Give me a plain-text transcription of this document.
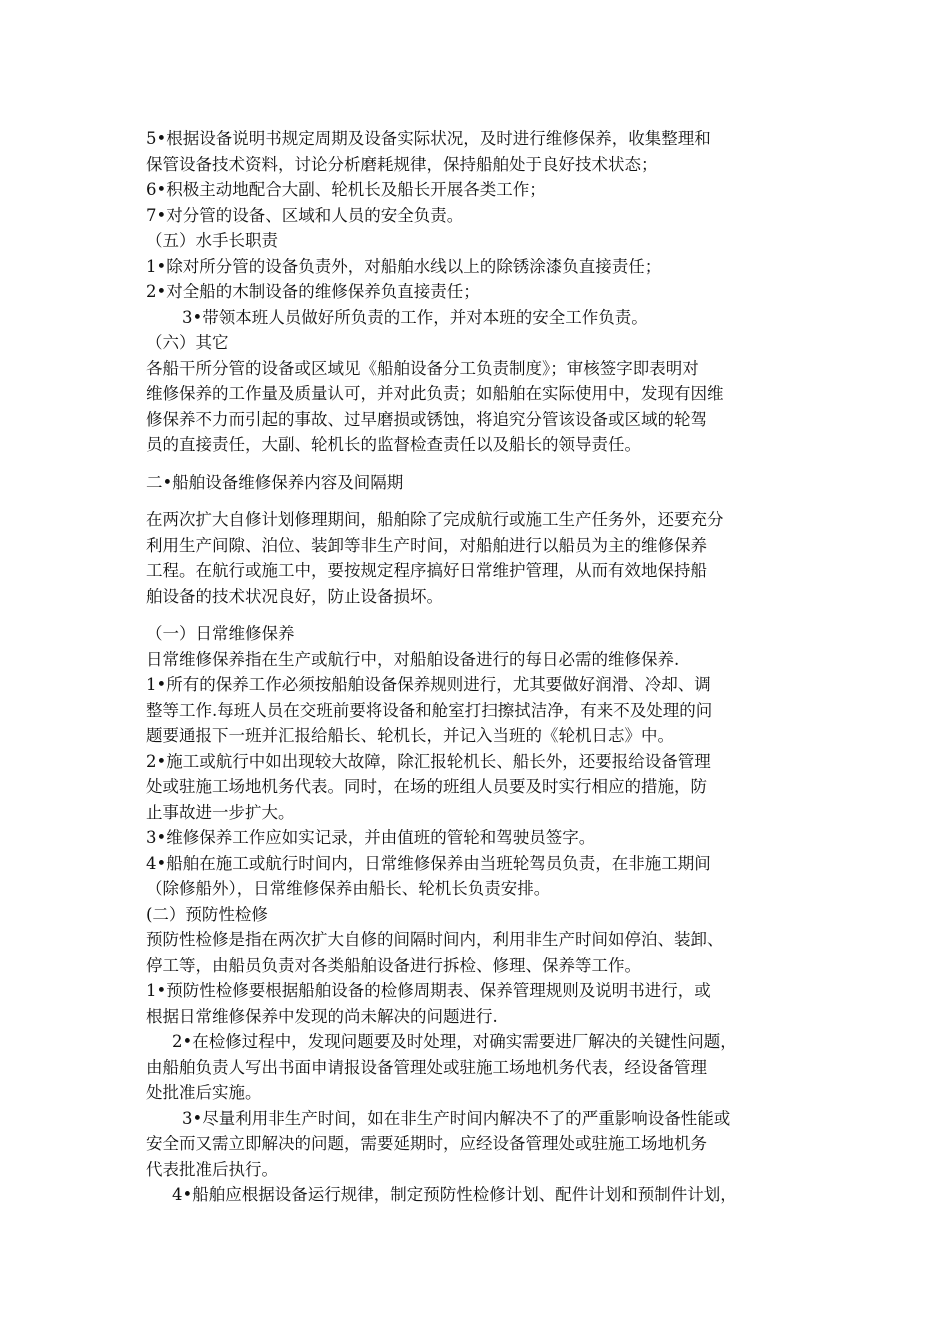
5•根据设备说明书规定周期及设备实际状况，及时进行维修保养，收集整理和
保管设备技术资料，讨论分析磨耗规律，保持船舶处于良好技术状态；
6•积极主动地配合大副、轮机长及船长开展各类工作；
7•对分管的设备、区域和人员的安全负责。
（五）水手长职责
1•除对所分管的设备负责外，对船舶水线以上的除锈涂漆负直接责任；
2•对全船的木制设备的维修保养负直接责任；
3•带领本班人员做好所负责的工作，并对本班的安全工作负责。
（六）其它
各船干所分管的设备或区域见《船舶设备分工负责制度》；审核签字即表明对
维修保养的工作量及质量认可，并对此负责；如船舶在实际使用中，发现有因维
修保养不力而引起的事故、过早磨损或锈蚀，将追究分管该设备或区域的轮驾
员的直接责任，大副、轮机长的监督检查责任以及船长的领导责任。
二•船舶设备维修保养内容及间隔期
在两次扩大自修计划修理期间，船舶除了完成航行或施工生产任务外，还要充分
利用生产间隙、泊位、装卸等非生产时间，对船舶进行以船员为主的维修保养
工程。在航行或施工中，要按规定程序搞好日常维护管理，从而有效地保持船
舶设备的技术状况良好，防止设备损坏。
（一）日常维修保养
日常维修保养指在生产或航行中，对船舶设备进行的每日必需的维修保养.
1•所有的保养工作必须按船舶设备保养规则进行，尤其要做好润滑、冷却、调
整等工作.每班人员在交班前要将设备和舱室打扫擦拭洁净，有来不及处理的问
题要通报下一班并汇报给船长、轮机长，并记入当班的《轮机日志》中。
2•施工或航行中如出现较大故障，除汇报轮机长、船长外，还要报给设备管理
处或驻施工场地机务代表。同时，在场的班组人员要及时实行相应的措施，防
止事故进一步扩大。
3•维修保养工作应如实记录，并由值班的管轮和驾驶员签字。
4•船舶在施工或航行时间内，日常维修保养由当班轮驾员负责，在非施工期间
（除修船外），日常维修保养由船长、轮机长负责安排。
(二）预防性检修
预防性检修是指在两次扩大自修的间隔时间内，利用非生产时间如停泊、装卸、
停工等，由船员负责对各类船舶设备进行拆检、修理、保养等工作。
1•预防性检修要根据船舶设备的检修周期表、保养管理规则及说明书进行，或
根据日常维修保养中发现的尚未解决的问题进行.
2•在检修过程中，发现问题要及时处理，对确实需要进厂解决的关键性问题，
由船舶负责人写出书面申请报设备管理处或驻施工场地机务代表，经设备管理
处批准后实施。
3•尽量利用非生产时间，如在非生产时间内解决不了的严重影响设备性能或
安全而又需立即解决的问题，需要延期时，应经设备管理处或驻施工场地机务
代表批准后执行。
4•船舶应根据设备运行规律，制定预防性检修计划、配件计划和预制件计划，
